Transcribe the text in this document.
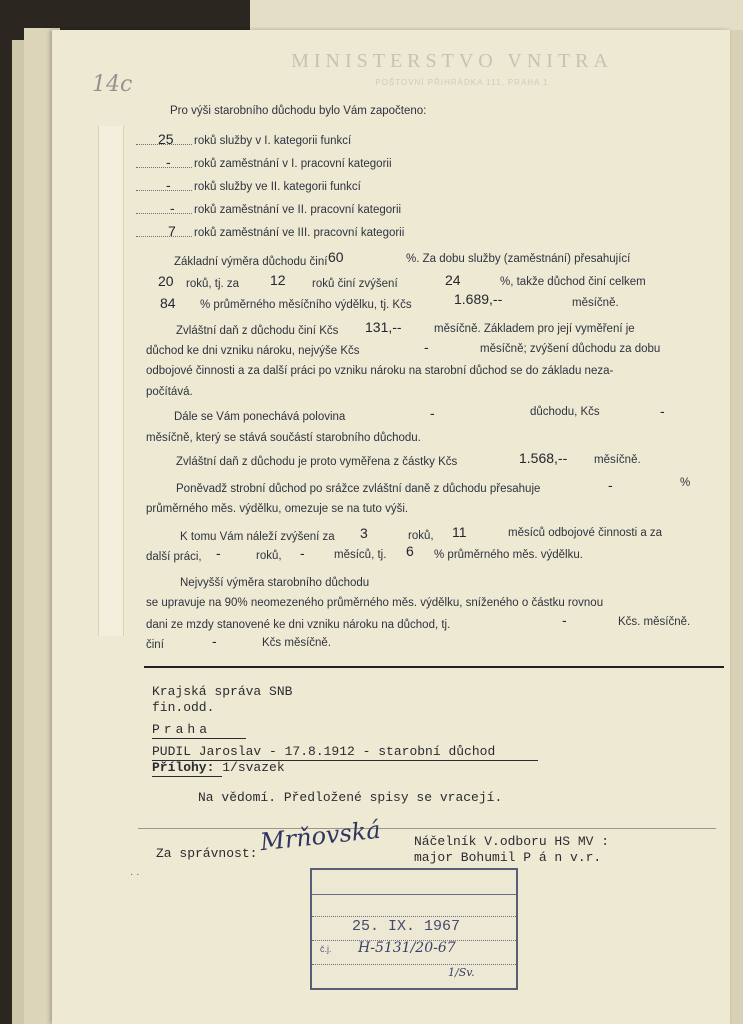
MINISTERSTVO VNITRA
POŠTOVNÍ PŘIHRÁDKA 111, PRAHA 1
14c
Pro výši starobního důchodu bylo Vám započteno:
25 roků služby v I. kategorii funkcí
- roků zaměstnání v I. pracovní kategorii
- roků služby ve II. kategorii funkcí
- roků zaměstnání ve II. pracovní kategorii
7 roků zaměstnání ve III. pracovní kategorii
Základní výměra důchodu činí 60	%. Za dobu služby (zaměstnání) přesahující
20 roků, tj. za 12 roků činí zvýšení	24	%, takže důchod činí celkem
84 % průměrného měsíčního výdělku, tj. Kčs	1.689,--	měsíčně.
Zvláštní daň z důchodu činí Kčs 131,--	měsíčně. Základem pro její vyměření je
důchod ke dni vzniku nároku, nejvýše Kčs	-	měsíčně; zvýšení důchodu za dobu
odbojové činnosti a za další práci po vzniku nároku na starobní důchod se do základu neza-
počítává.
Dále se Vám ponechává polovina	-	důchodu, Kčs	-
měsíčně, který se stává součástí starobního důchodu.
Zvláštní daň z důchodu je proto vyměřena z částky Kčs	1.568,-- měsíčně.
Poněvadž strobní důchod po srážce zvláštní daně z důchodu přesahuje	-	%
průměrného měs. výdělku, omezuje se na tuto výši.
K tomu Vám náleží zvýšení za 3	roků, 11	měsíců odbojové činnosti a za
další práci, -	roků, -	měsíců, tj. 6 % průměrného měs. výdělku.
Nejvyšší výměra starobního důchodu
se upravuje na 90% neomezeného průměrného měs. výdělku, sníženého o částku rovnou
dani ze mzdy stanovené ke dni vzniku nároku na důchod, tj.	-	Kčs. měsíčně.
činí	-	Kčs měsíčně.
Krajská správa SNB
fin.odd.
Praha
PUDIL Jaroslav - 17.8.1912 - starobní důchod
Přílohy: 1/svazek
Na vědomí. Předložené spisy se vracejí.
Za správnost: Mrňovská Náčelník V.odboru HS MV :
major Bohumil P á n v.r.
· ·
25. IX. 1967
č.j. H-5131/20-67
1/Sv.
